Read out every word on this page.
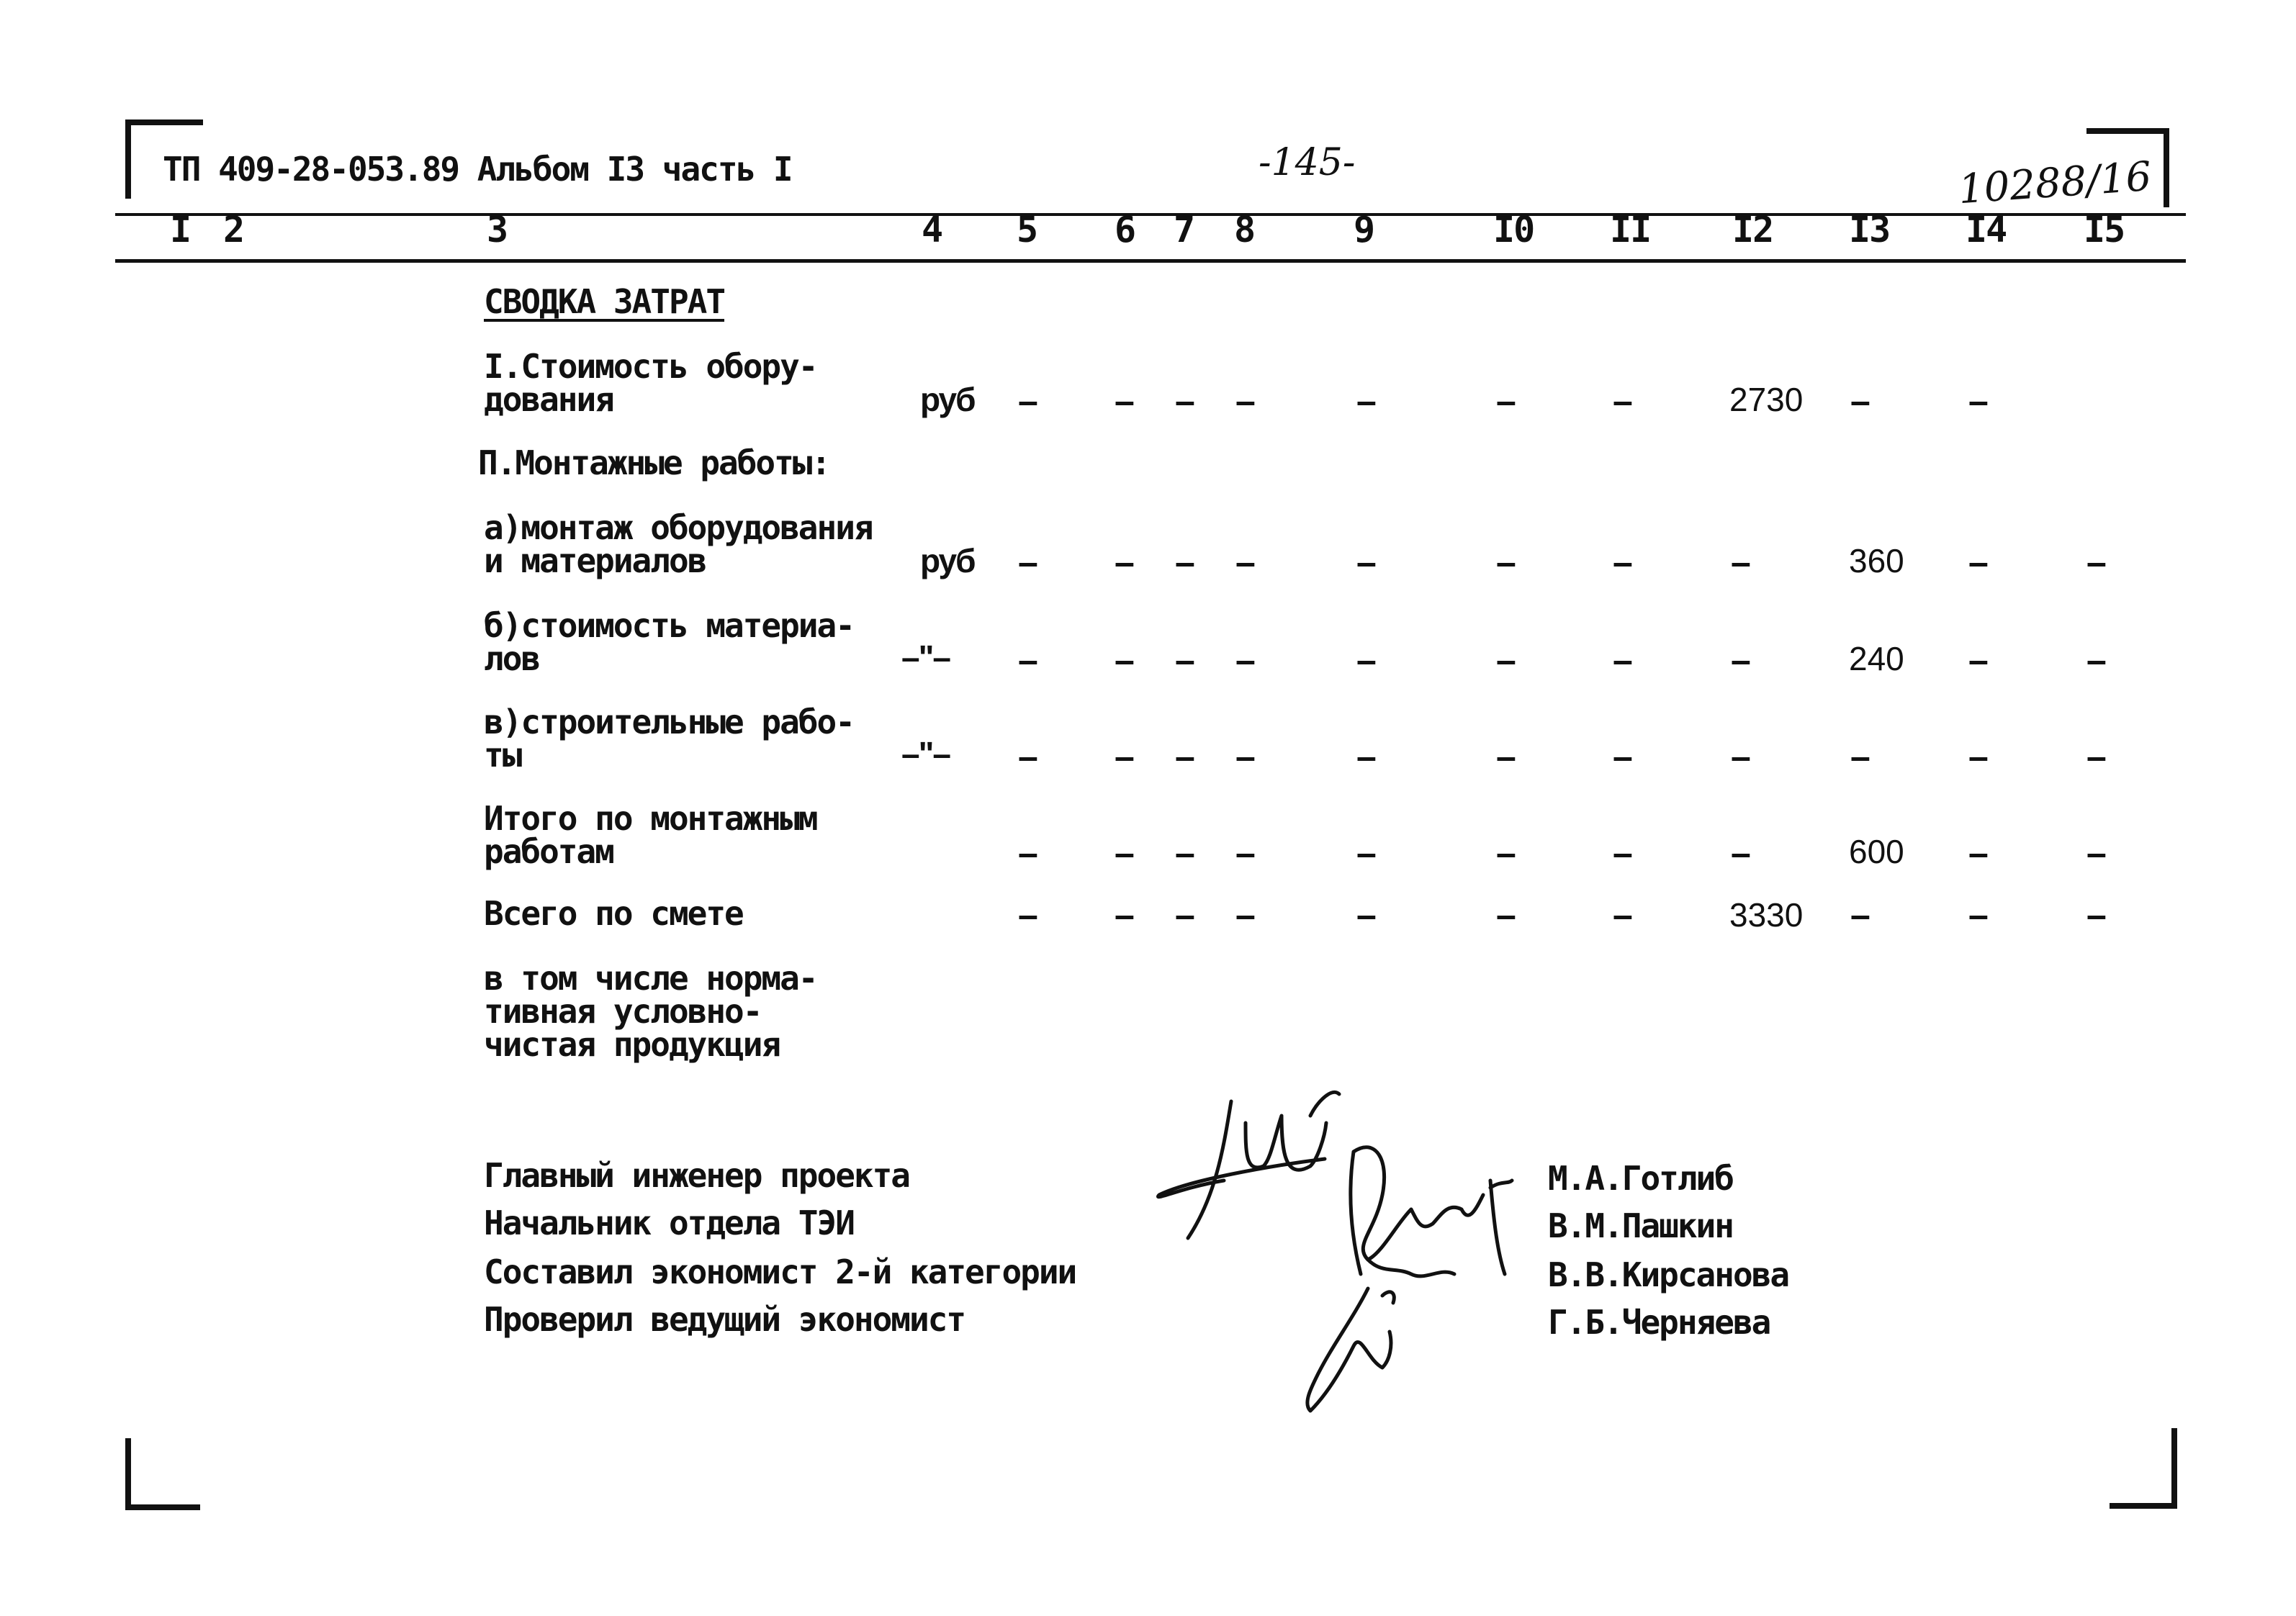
ТП 409-28-053.89 Альбом I3 часть I	-145-	10288/16
I 2	3	4 5 6 7 8	9	I0 II I2 I3 I4 I5
СВОДКА ЗАТРАТ
I.Стоимость обору-
дования	руб – – – –	–	–	–	2730 –	–
П.Монтажные работы:
а)монтаж оборудования
и материалов	руб – – – –	–	–	–	–	360 –	–
б)стоимость материа-
лов	–"– – – – –	–	–	–	–	240 –	–
в)строительные рабо-
ты	–"– – – – –	–	–	–	–	–	–	–
Итого по монтажным
работам	– – – –	–	–	–	–	600 –	–
Всего по смете	– – – –	–	–	–	3330 –	–	–
в том числе норма-
тивная условно-
чистая продукция
Главный инженер проекта
Начальник отдела ТЭИ
Составил экономист 2-й категории
Проверил ведущий экономист
М.А.Готлиб
В.М.Пашкин
В.В.Кирсанова
Г.Б.Черняева
